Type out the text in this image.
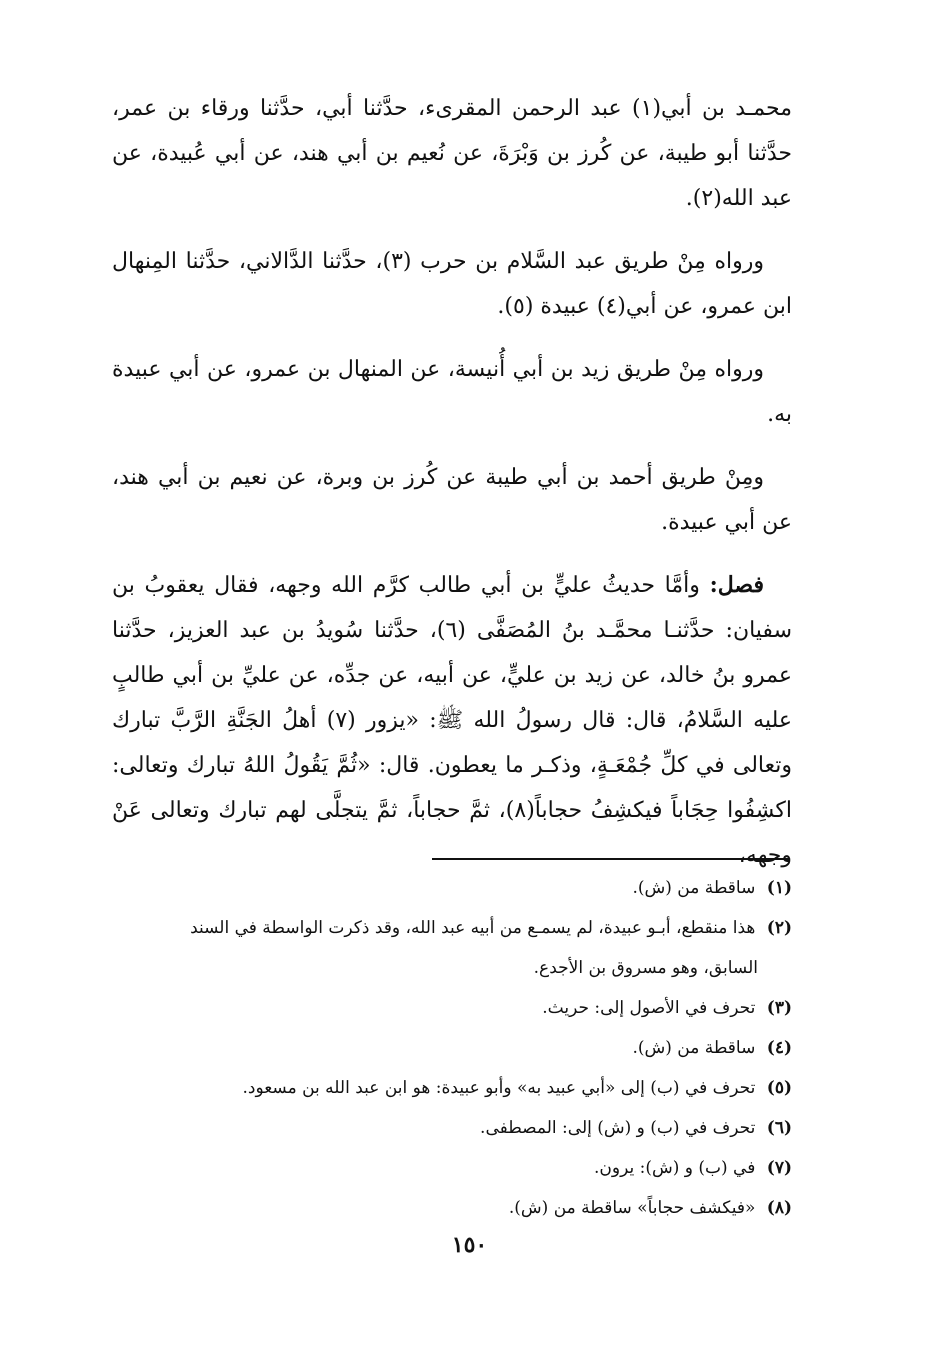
محمـد بن أبي(١) عبد الرحمن المقرىء، حدَّثنا أبي، حدَّثنا ورقاء بن عمر، حدَّثنا أبو طيبة، عن كُرز بن وَبْرَةَ، عن نُعيم بن أبي هند، عن أبي عُبيدة، عن عبد الله(٢).

ورواه مِنْ طريق عبد السَّلام بن حرب (٣)، حدَّثنا الدَّالاني، حدَّثنا المِنهال ابن عمرو، عن أبي(٤) عبيدة (٥).

ورواه مِنْ طريق زيد بن أبي أُنيسة، عن المنهال بن عمرو، عن أبي عبيدة به.

ومِنْ طريق أحمد بن أبي طيبة عن كُرز بن وبرة، عن نعيم بن أبي هند، عن أبي عبيدة.

فصل: وأمَّا حديثُ عليٍّ بن أبي طالب كرَّم الله وجهه، فقال يعقوبُ بن سفيان: حدَّثنـا محمَّـد بنُ المُصَفَّى (٦)، حدَّثنا سُويدُ بن عبد العزيز، حدَّثنا عمرو بنُ خالد، عن زيد بن عليٍّ، عن أبيه، عن جدِّه، عن عليِّ بن أبي طالبٍ عليه السَّلامُ، قال: قال رسولُ الله ﷺ: «يزور (٧) أهلُ الجَنَّةِ الرَّبَّ تبارك وتعالى في كلِّ جُمْعَـةٍ، وذكـر ما يعطون. قال: «ثُمَّ يَقُولُ اللهُ تبارك وتعالى: اكشِفُوا حِجَاباً فيكشِفُ حجاباً(٨)، ثمَّ حجاباً، ثمَّ يتجلَّى لهم تبارك وتعالى عَنْ وجهه،

(١) ساقطة من (ش).

(٢) هذا منقطع، أبـو عبيدة، لم يسمـع من أبيه عبد الله، وقد ذكرت الواسطة في السند

السابق، وهو مسروق بن الأجدع.

(٣) تحرف في الأصول إلى: حريث.

(٤) ساقطة من (ش).

(٥) تحرف في (ب) إلى «أبي عبيد به» وأبو عبيدة: هو ابن عبد الله بن مسعود.

(٦) تحرف في (ب) و (ش) إلى: المصطفى.

(٧) في (ب) و (ش): يرون.

(٨) «فيكشف حجاباً» ساقطة من (ش).

١٥٠
